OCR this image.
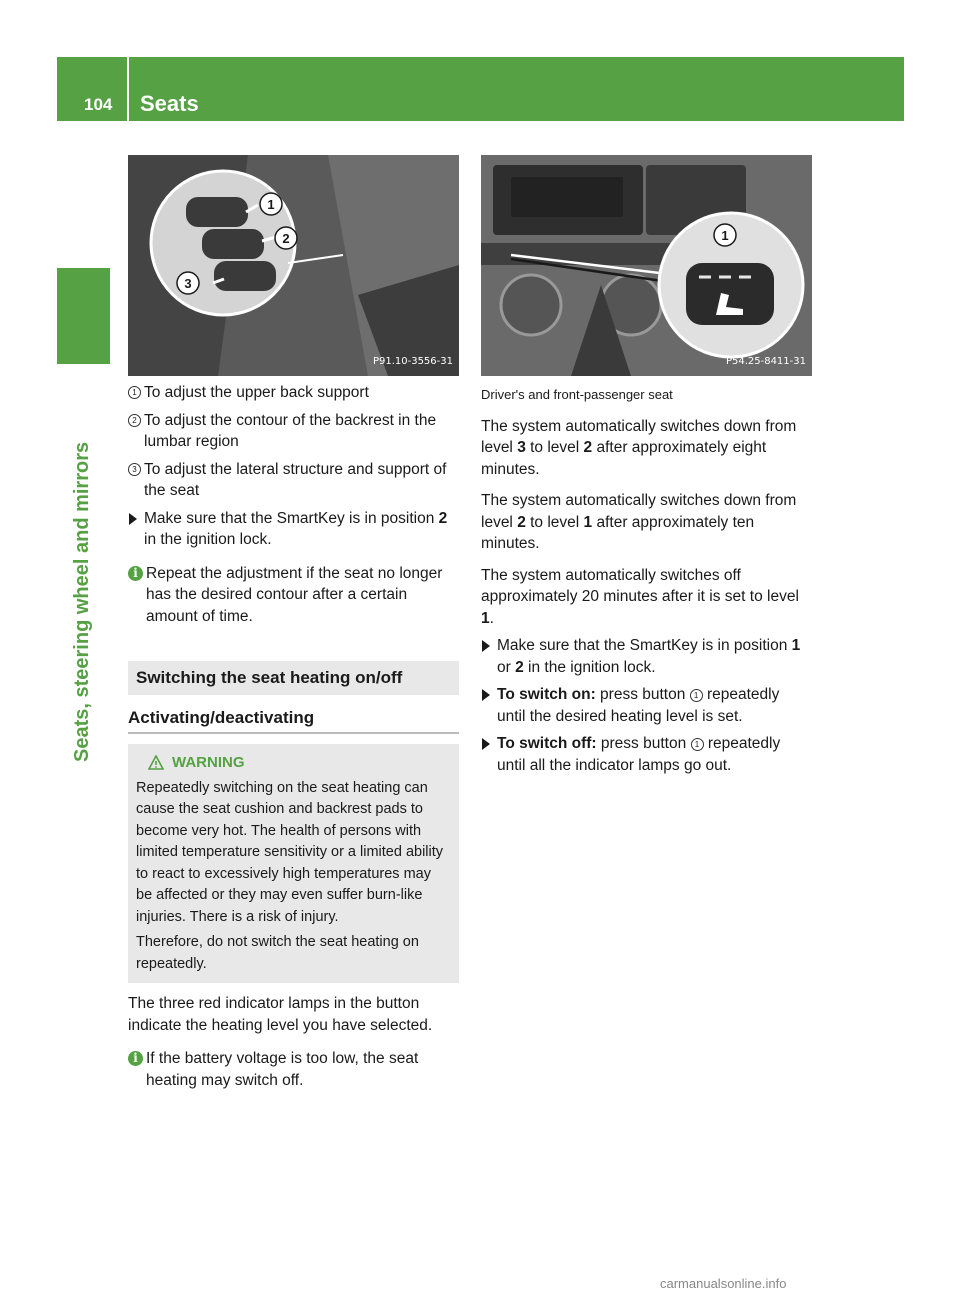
104 Seats
Seats, steering wheel and mirrors
1
2
3
P91.10-3556-31
1 To adjust the upper back support
2 To adjust the contour of the backrest in the lumbar region
3 To adjust the lateral structure and support of the seat
Make sure that the SmartKey is in position 2 in the ignition lock.
i Repeat the adjustment if the seat no longer has the desired contour after a certain amount of time.
Switching the seat heating on/off
Activating/deactivating
WARNING

Repeatedly switching on the seat heating can cause the seat cushion and backrest pads to become very hot. The health of persons with limited temperature sensitivity or a limited ability to react to excessively high temperatures may be affected or they may even suffer burn-like injuries. There is a risk of injury.

Therefore, do not switch the seat heating on repeatedly.

The three red indicator lamps in the button indicate the heating level you have selected.
i If the battery voltage is too low, the seat heating may switch off.
1
P54.25-8411-31
Driver's and front-passenger seat
The system automatically switches down from level 3 to level 2 after approximately eight minutes.
The system automatically switches down from level 2 to level 1 after approximately ten minutes.
The system automatically switches off approximately 20 minutes after it is set to level 1.
Make sure that the SmartKey is in position 1 or 2 in the ignition lock.
To switch on: press button 1 repeatedly until the desired heating level is set.
To switch off: press button 1 repeatedly until all the indicator lamps go out.
carmanualsonline.info
